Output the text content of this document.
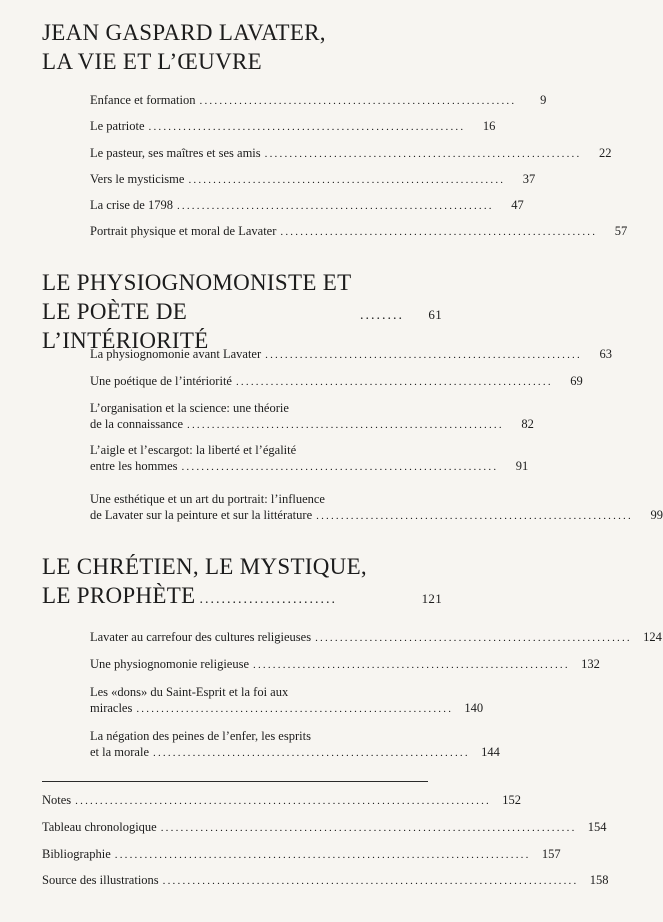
JEAN GASPARD LAVATER,
LA VIE ET L’ŒUVRE
Enfance et formation ................................................................	9
Le patriote ................................................................	16
Le pasteur, ses maîtres et ses amis ................................................................	22
Vers le mysticisme ................................................................	37
La crise de 1798 ................................................................	47
Portrait physique et moral de Lavater ................................................................	57
LE PHYSIOGNOMONISTE ET
LE POÈTE DE L’INTÉRIORITÉ
........	61
La physiognomonie avant Lavater ................................................................	63
Une poétique de l’intériorité ................................................................	69
L’organisation et la science: une théorie
de la connaissance ................................................................	82
L’aigle et l’escargot: la liberté et l’égalité
entre les hommes ................................................................	91
Une esthétique et un art du portrait: l’influence
de Lavater sur la peinture et sur la littérature ................................................................	99
LE CHRÉTIEN, LE MYSTIQUE,
LE PROPHÈTE .........................	121
Lavater au carrefour des cultures religieuses ................................................................ 124
Une physiognomonie religieuse ................................................................ 132
Les «dons» du Saint-Esprit et la foi aux
miracles ................................................................ 140
La négation des peines de l’enfer, les esprits
et la morale ................................................................ 144
Notes .................................................................................... 152
Tableau chronologique .................................................................................... 154
Bibliographie .................................................................................... 157
Source des illustrations .................................................................................... 158
